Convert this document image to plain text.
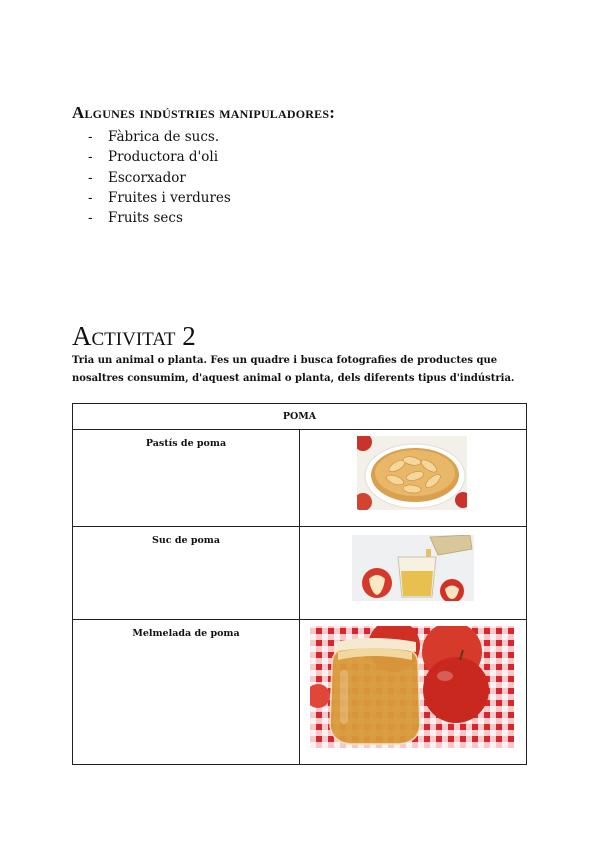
Algunes indústries manipuladores:
-	Fàbrica de sucs.
-	Productora d'oli
-	Escorxador
-	Fruites i verdures
-	Fruits secs
Activitat 2

Tria un animal o planta. Fes un quadre i busca fotografies de productes que nosaltres consumim, d'aquest animal o planta, dels diferents tipus d'indústria.

POMA	
Pastís de poma	

Suc de poma	

Melmelada de poma	
